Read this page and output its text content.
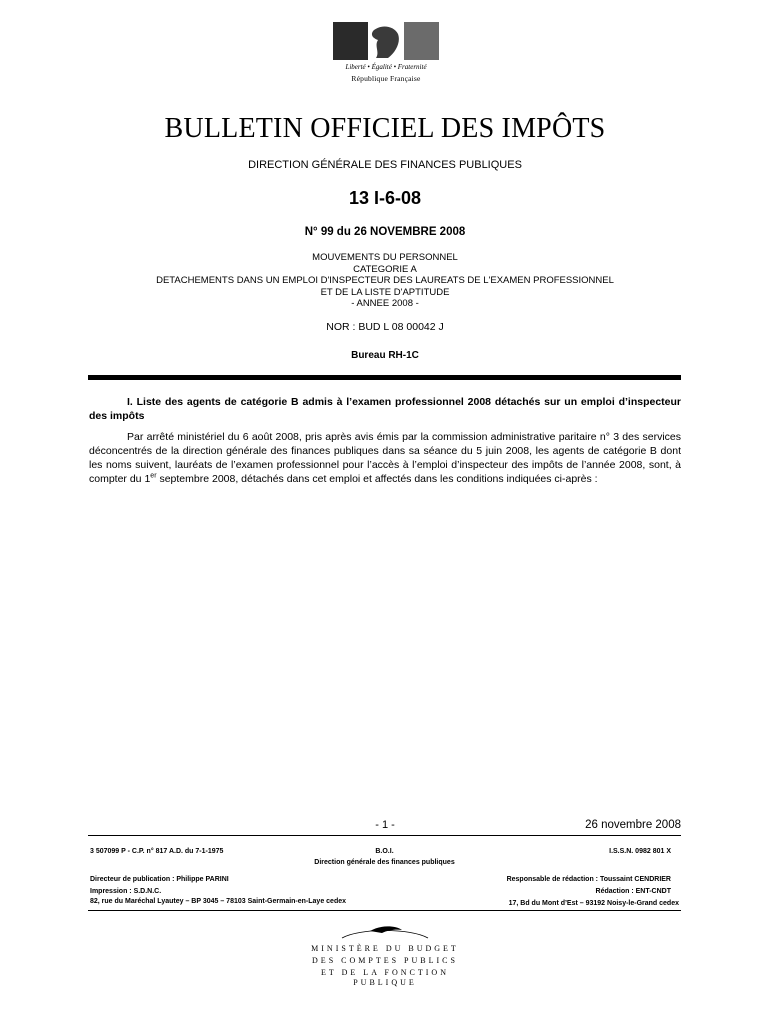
Liberté • Égalité • Fraternité
République Française
BULLETIN OFFICIEL DES IMPÔTS
DIRECTION GÉNÉRALE DES FINANCES PUBLIQUES
13 I-6-08
N° 99 du 26 NOVEMBRE 2008
MOUVEMENTS DU PERSONNEL
CATEGORIE A
DETACHEMENTS DANS UN EMPLOI D'INSPECTEUR DES LAUREATS DE L'EXAMEN PROFESSIONNEL
ET DE LA LISTE D'APTITUDE
- ANNEE 2008 -
NOR : BUD L 08 00042 J
Bureau RH-1C
I. Liste des agents de catégorie B admis à l’examen professionnel 2008 détachés sur un emploi d’inspecteur des impôts
Par arrêté ministériel du 6 août 2008, pris après avis émis par la commission administrative paritaire n° 3 des services déconcentrés de la direction générale des finances publiques dans sa séance du 5 juin 2008, les agents de catégorie B dont les noms suivent, lauréats de l’examen professionnel pour l’accès à l’emploi d’inspecteur des impôts de l’année 2008, sont, à compter du 1er septembre 2008, détachés dans cet emploi et affectés dans les conditions indiquées ci-après :
- 1 -	26 novembre 2008
3 507099 P - C.P. n° 817 A.D. du 7-1-1975	B.O.I.
Direction générale des finances publiques
I.S.S.N. 0982 801 X
Directeur de publication : Philippe PARINI
Impression : S.D.N.C.
82, rue du Maréchal Lyautey – BP 3045 – 78103 Saint-Germain-en-Laye cedex
Responsable de rédaction : Toussaint CENDRIER
Rédaction : ENT-CNDT
17, Bd du Mont d’Est – 93192 Noisy-le-Grand cedex
MINISTÈRE DU BUDGET
DES COMPTES PUBLICS
ET DE LA FONCTION PUBLIQUE
